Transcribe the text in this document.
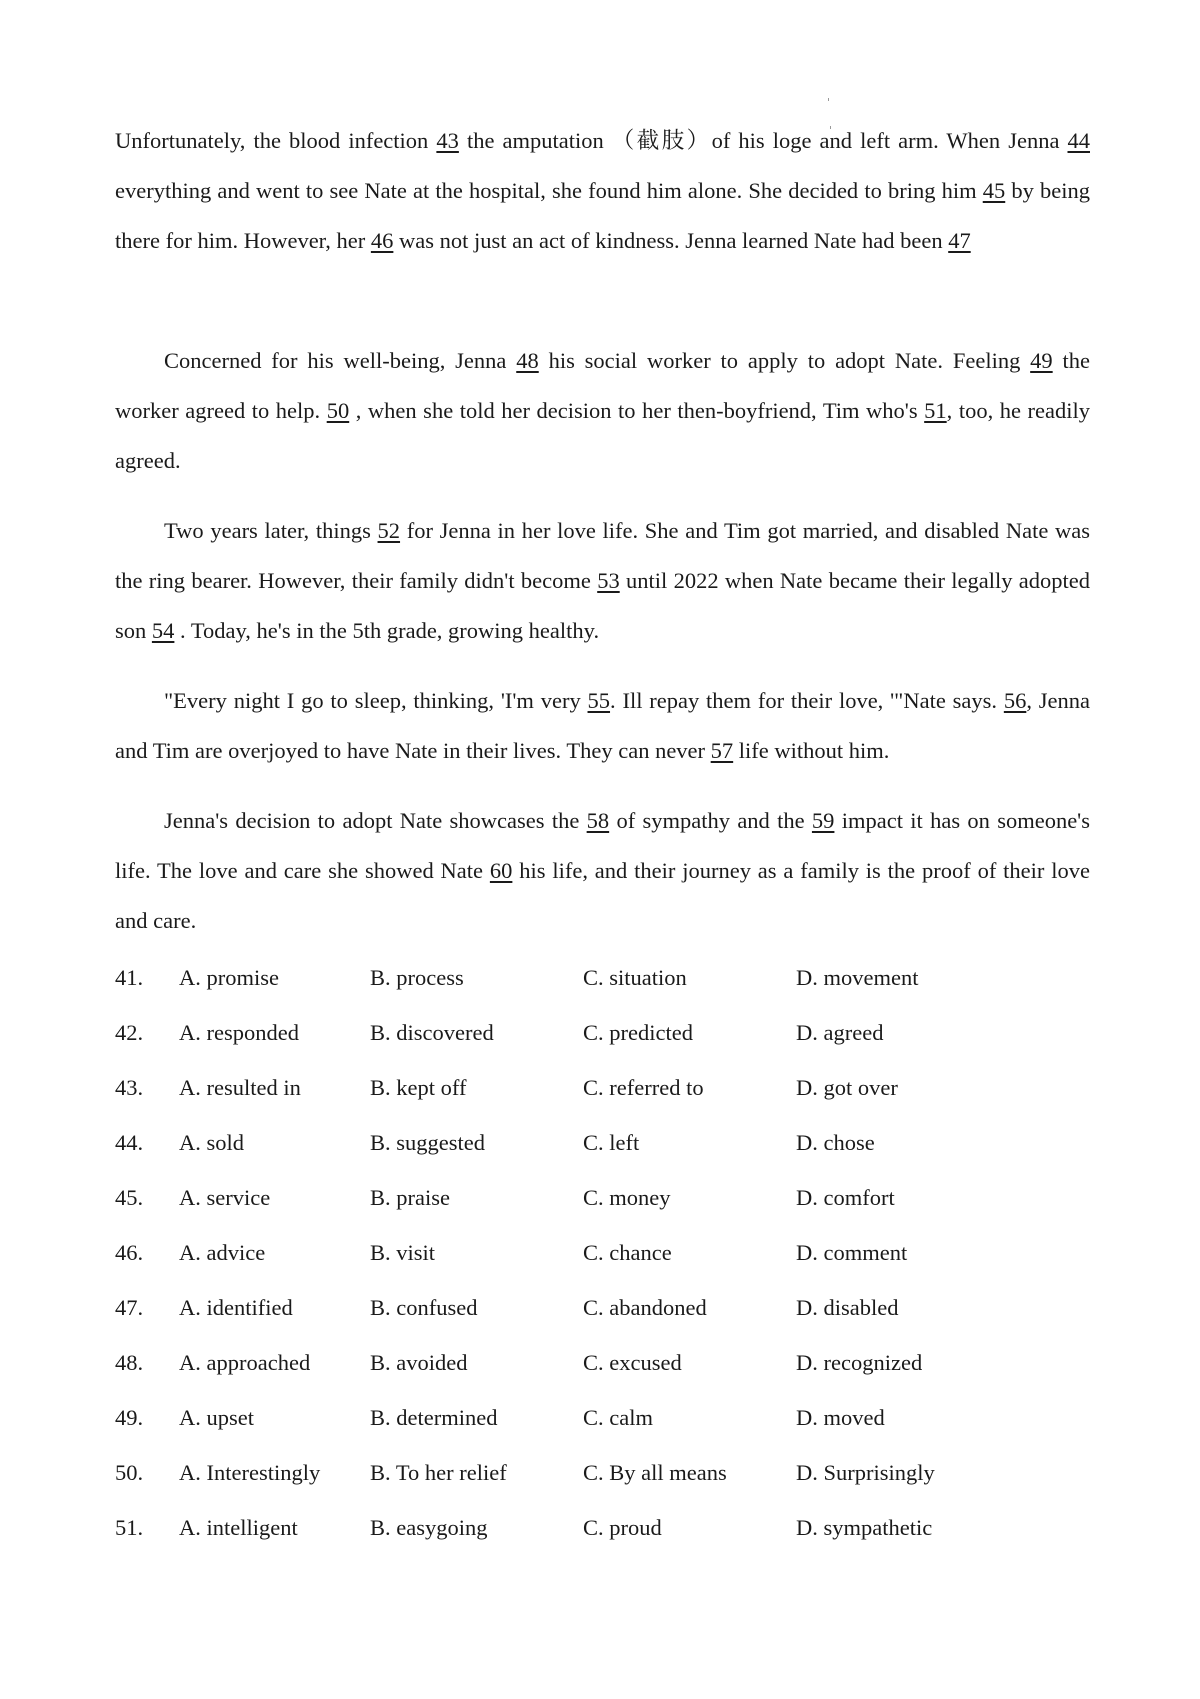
Unfortunately, the blood infection 43 the amputation （截肢）of his loge and left arm. When Jenna 44 everything and went to see Nate at the hospital, she found him alone. She decided to bring him 45 by being there for him. However, her 46 was not just an act of kindness. Jenna learned Nate had been 47

Concerned for his well-being, Jenna 48 his social worker to apply to adopt Nate. Feeling 49 the worker agreed to help. 50 , when she told her decision to her then-boyfriend, Tim who's 51, too, he readily agreed.

Two years later, things 52 for Jenna in her love life. She and Tim got married, and disabled Nate was the ring bearer. However, their family didn't become 53 until 2022 when Nate became their legally adopted son 54 . Today, he's in the 5th grade, growing healthy.

"Every night I go to sleep, thinking, 'I'm very 55. Ill repay them for their love, '"Nate says. 56, Jenna and Tim are overjoyed to have Nate in their lives. They can never 57 life without him.

Jenna's decision to adopt Nate showcases the 58 of sympathy and the 59 impact it has on someone's life. The love and care she showed Nate 60 his life, and their journey as a family is the proof of their love and care.

41. A. promise	B. process	C. situation	D. movement
42. A. responded	B. discovered	C. predicted	D. agreed
43. A. resulted in	B. kept off	C. referred to	D. got over
44. A. sold	B. suggested	C. left	D. chose
45. A. service	B. praise	C. money	D. comfort
46. A. advice	B. visit	C. chance	D. comment
47. A. identified	B. confused	C. abandoned	D. disabled
48. A. approached	B. avoided	C. excused	D. recognized
49. A. upset	B. determined	C. calm	D. moved
50. A. Interestingly B. To her relief	C. By all means	D. Surprisingly
51. A. intelligent	B. easygoing	C. proud	D. sympathetic
